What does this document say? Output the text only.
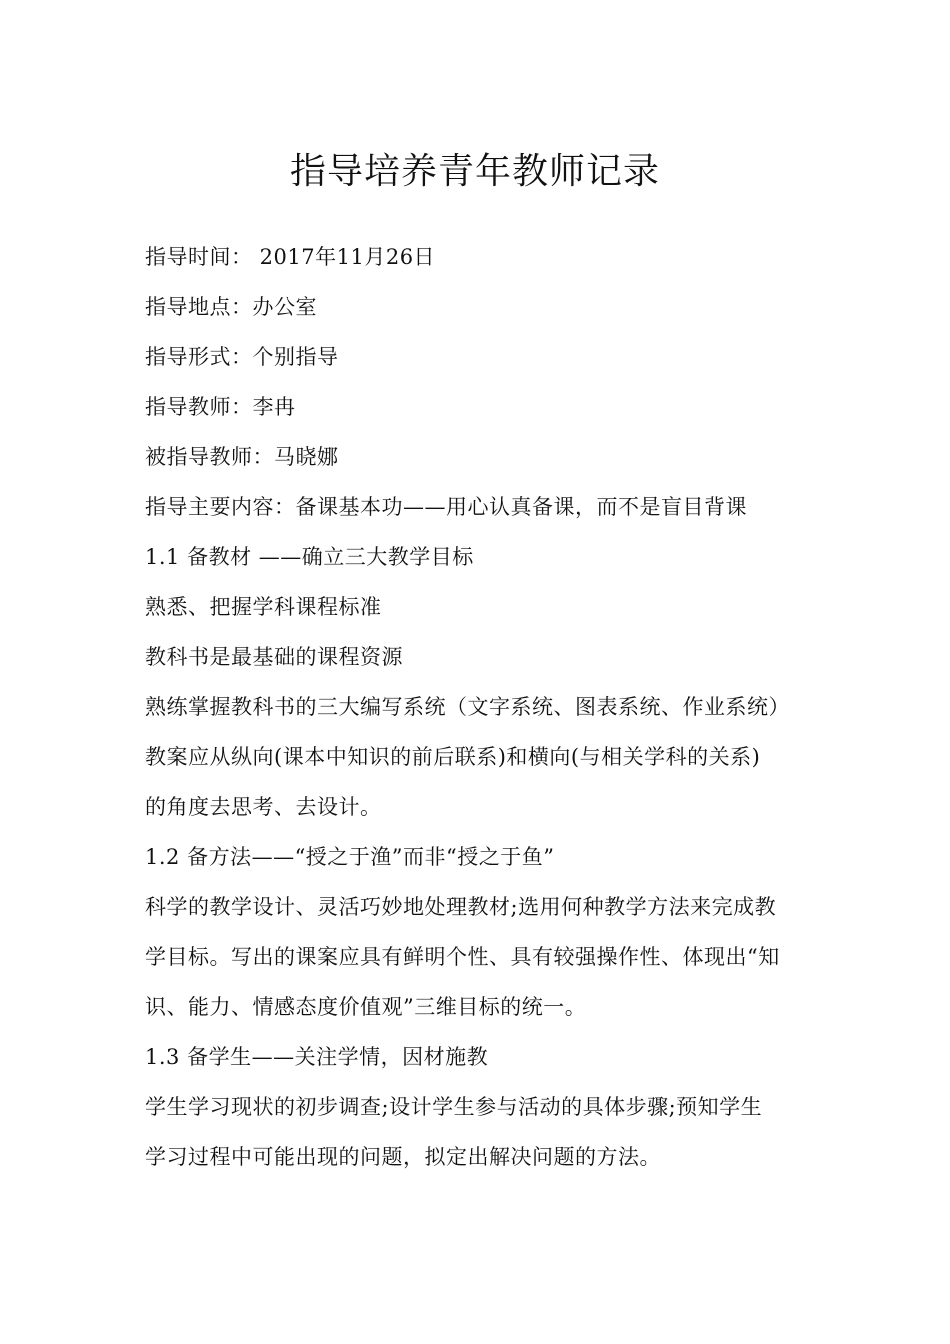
指导培养青年教师记录
指导时间： 2017年11月26日
指导地点：办公室
指导形式：个别指导
指导教师：李冉
被指导教师：马晓娜
指导主要内容：备课基本功——用心认真备课，而不是盲目背课
1.1 备教材 ——确立三大教学目标
熟悉、把握学科课程标准
教科书是最基础的课程资源
熟练掌握教科书的三大编写系统（文字系统、图表系统、作业系统）
教案应从纵向(课本中知识的前后联系)和横向(与相关学科的关系)
的角度去思考、去设计。
1.2 备方法——“授之于渔”而非“授之于鱼”
科学的教学设计、灵活巧妙地处理教材;选用何种教学方法来完成教
学目标。写出的课案应具有鲜明个性、具有较强操作性、体现出“知
识、能力、情感态度价值观”三维目标的统一。
1.3 备学生——关注学情，因材施教
学生学习现状的初步调查;设计学生参与活动的具体步骤;预知学生
学习过程中可能出现的问题，拟定出解决问题的方法。
